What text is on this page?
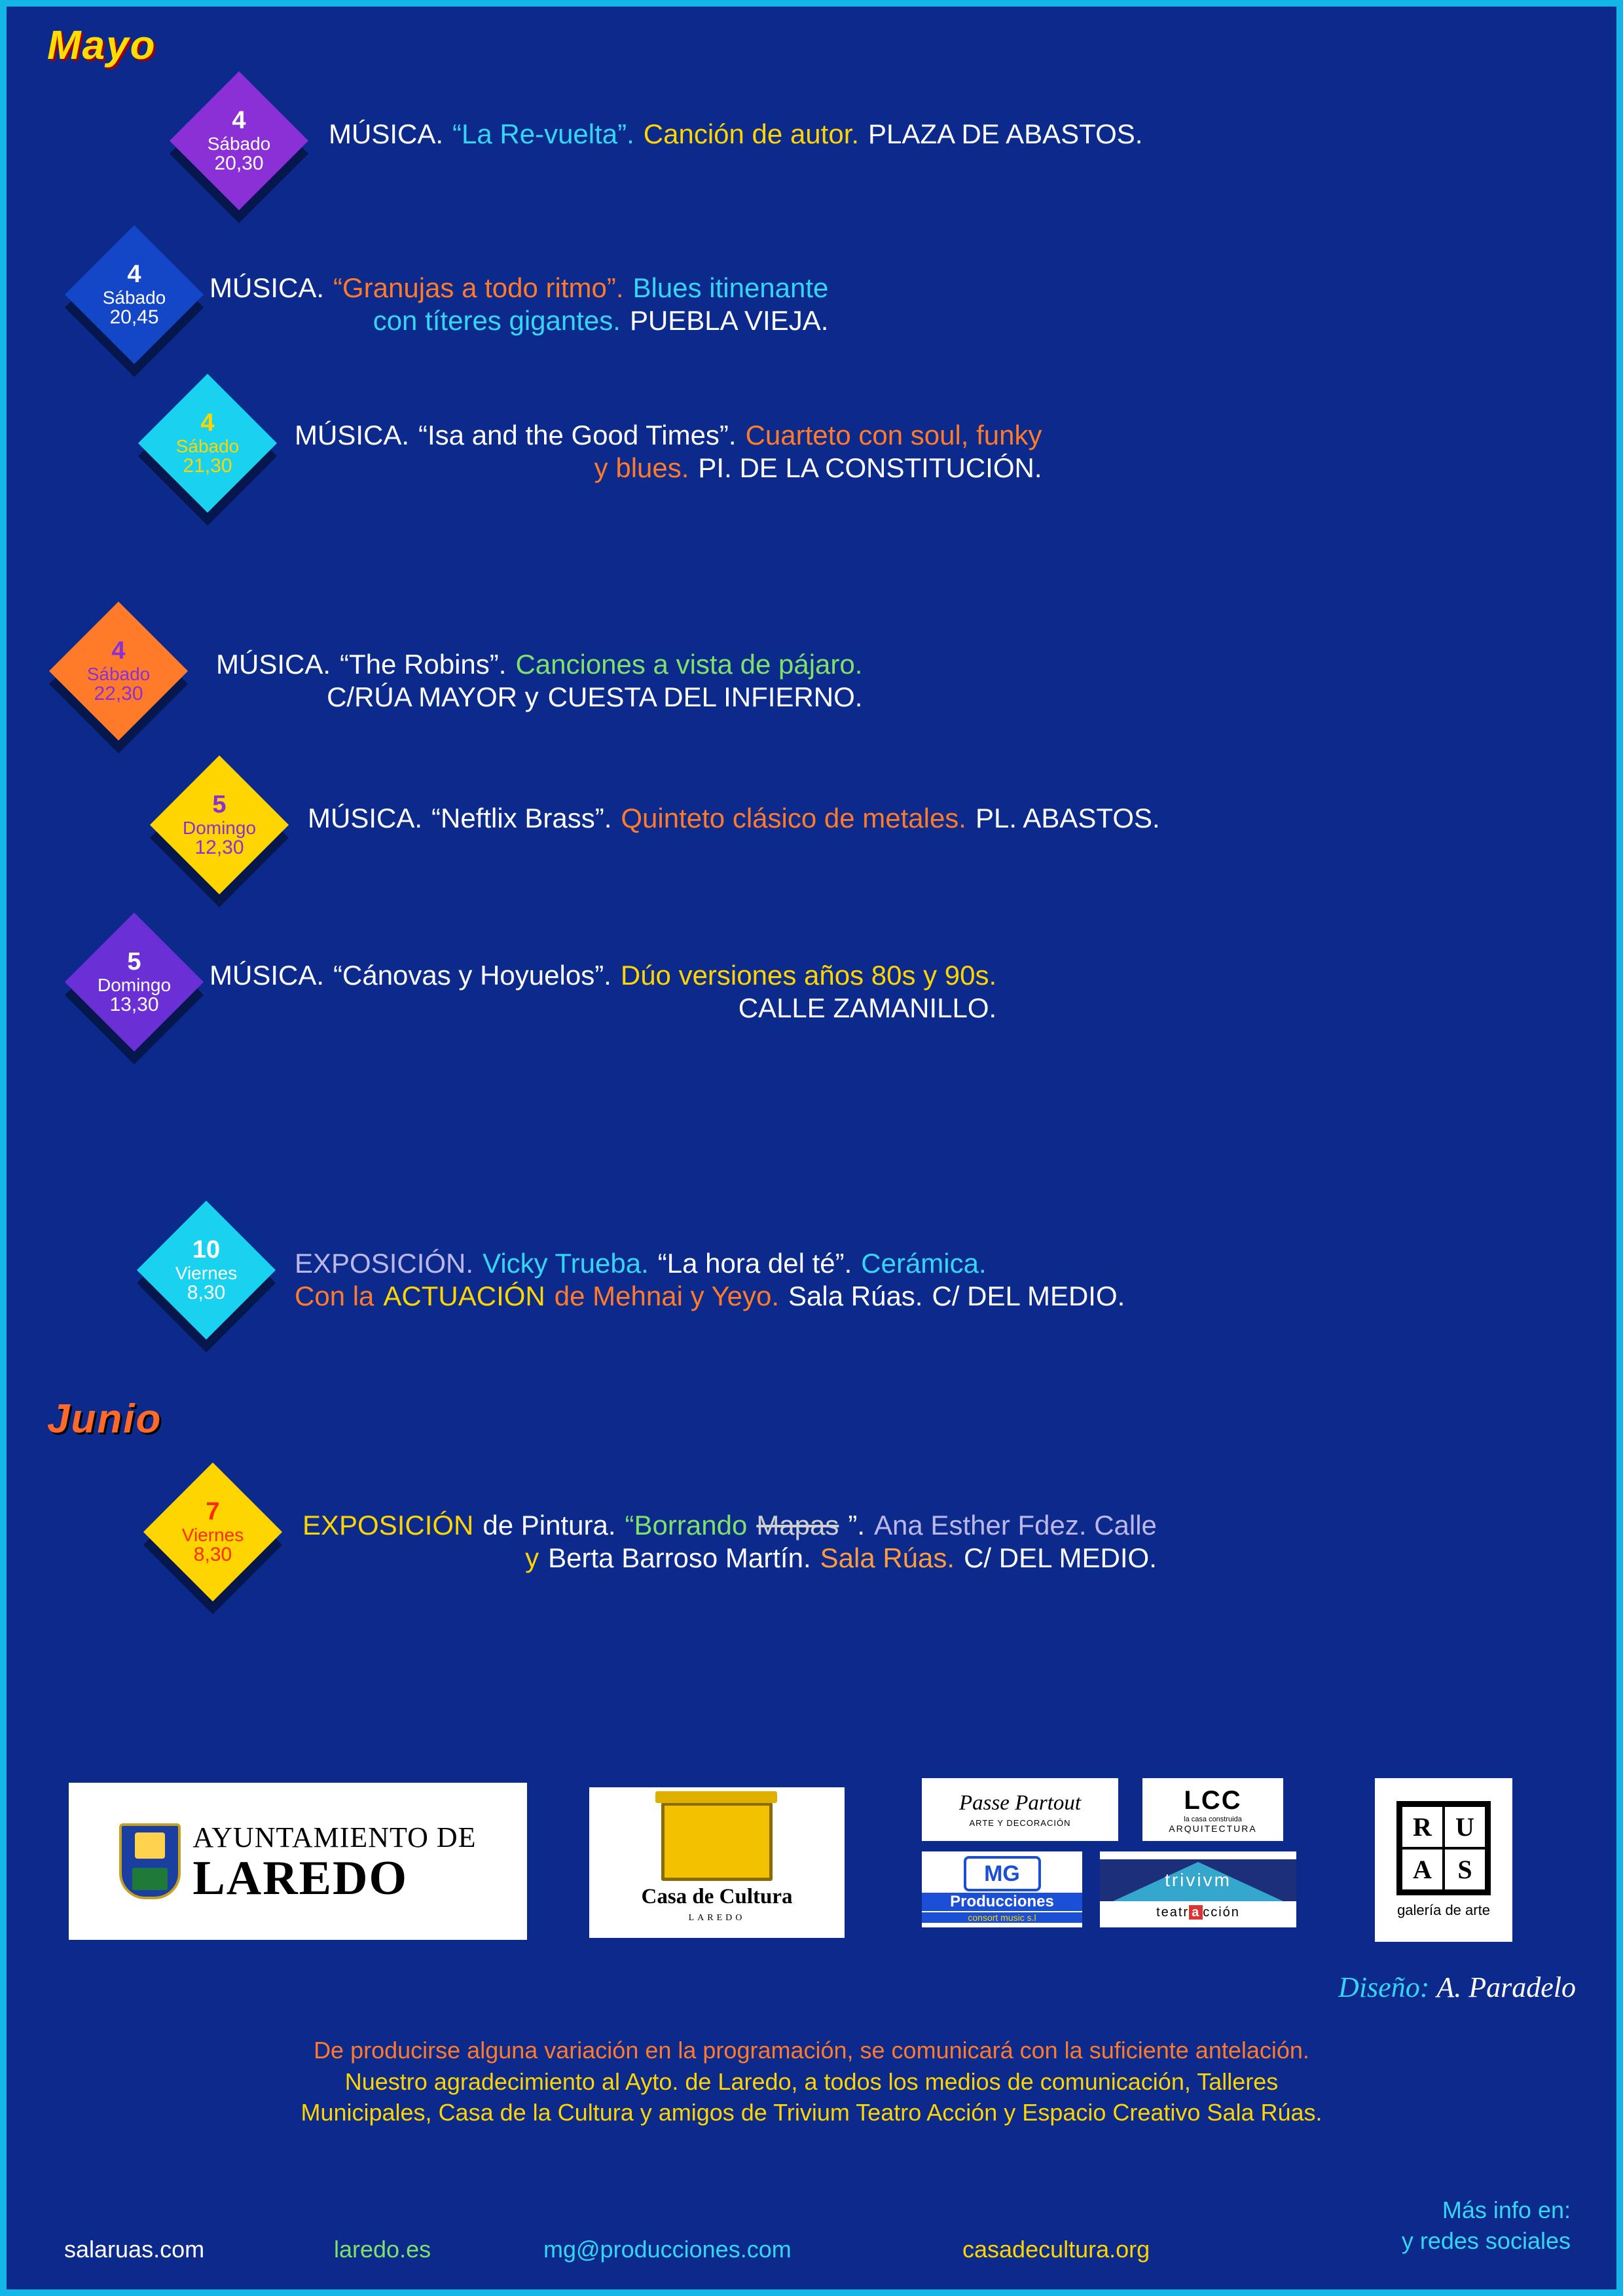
Mayo
Junio
4
Sábado
20,30
MÚSICA. “La Re-vuelta”. Canción de autor. PLAZA DE ABASTOS.
4
Sábado
20,45
MÚSICA. “Granujas a todo ritmo”. Blues itinenante
con títeres gigantes. PUEBLA VIEJA.
4
Sábado
21,30
MÚSICA. “Isa and the Good Times”. Cuarteto con soul, funky
y blues. PI. DE LA CONSTITUCIÓN.
4
Sábado
22,30
MÚSICA. “The Robins”. Canciones a vista de pájaro.
C/RÚA MAYOR y CUESTA DEL INFIERNO.
5
Domingo
12,30
MÚSICA. “Neftlix Brass”. Quinteto clásico de metales. PL. ABASTOS.
5
Domingo
13,30
MÚSICA. “Cánovas y Hoyuelos”. Dúo versiones años 80s y 90s.
CALLE ZAMANILLO.
10
Viernes
8,30
EXPOSICIÓN. Vicky Trueba. “La hora del té”. Cerámica.
Con la ACTUACIÓN de Mehnai y Yeyo. Sala Rúas. C/ DEL MEDIO.
7
Viernes
8,30
EXPOSICIÓN de Pintura. “Borrando Mapas ”. Ana Esther Fdez. Calle
y Berta Barroso Martín. Sala Rúas. C/ DEL MEDIO.
AYUNTAMIENTO DE
LAREDO	Casa de Cultura
LAREDO
Passe Partout
ARTE Y DECORACIÓN
LCC
la casa construida
ARQUITECTURA
MG
Producciones
consort music s.l
trivivm
teatr a cción
R U
A S
galería de arte
Diseño: A. Paradelo
De producirse alguna variación en la programación, se comunicará con la suficiente antelación.
Nuestro agradecimiento al Ayto. de Laredo, a todos los medios de comunicación, Talleres
Municipales, Casa de la Cultura y amigos de Trivium Teatro Acción y Espacio Creativo Sala Rúas.
salaruas.com	laredo.es	mg@producciones.com	casadecultura.org
Más info en:
y redes sociales
